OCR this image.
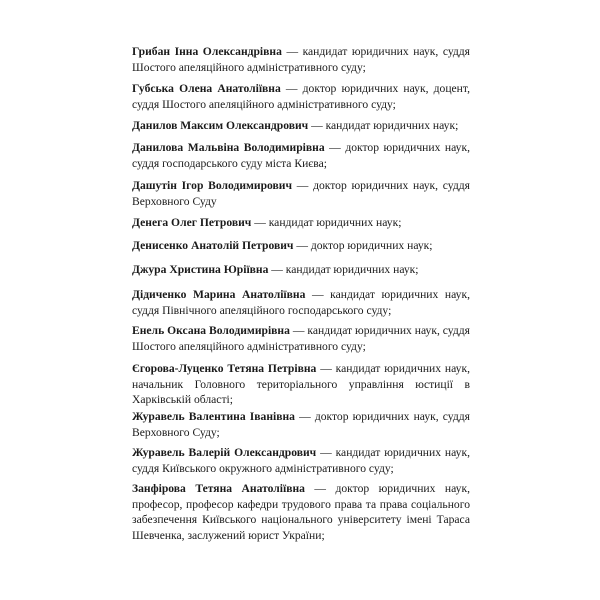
Грибан Інна Олександрівна — кандидат юридичних наук, суддя Шостого апеляційного адміністративного суду;

Губська Олена Анатоліївна — доктор юридичних наук, доцент, суддя Шостого апеляційного адміністративного суду;

Данилов Максим Олександрович — кандидат юридичних наук;

Данилова Мальвіна Володимирівна — доктор юридичних наук, суддя господарського суду міста Києва;

Дашутін Ігор Володимирович — доктор юридичних наук, суддя Верховного Суду

Денега Олег Петрович — кандидат юридичних наук;

Денисенко Анатолій Петрович — доктор юридичних наук;

Джура Христина Юріївна — кандидат юридичних наук;

Дідиченко Марина Анатоліївна — кандидат юридичних наук, суддя Північного апеляційного господарського суду;

Енель Оксана Володимирівна — кандидат юридичних наук, суддя Шостого апеляційного адміністративного суду;

Єгорова-Луценко Тетяна Петрівна — кандидат юридичних наук, начальник Головного територіального управління юстиції в Харківській області;

Журавель Валентина Іванівна — доктор юридичних наук, суддя Верховного Суду;

Журавель Валерій Олександрович — кандидат юридичних наук, суддя Київського окружного адміністративного суду;

Занфірова Тетяна Анатоліївна — доктор юридичних наук, професор, професор кафедри трудового права та права соціального забезпечення Київського національного університету імені Тараса Шевченка, заслужений юрист України;
